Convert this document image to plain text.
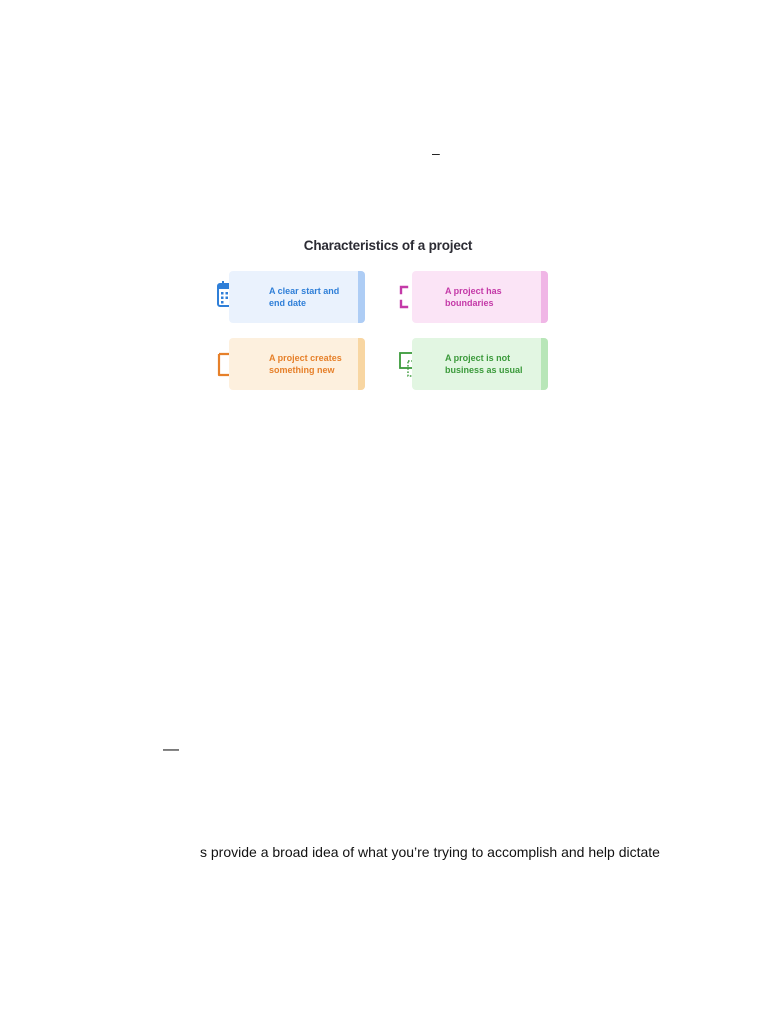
–
Characteristics of a project
A clear start and end date
A project has boundaries
A project creates something new
A project is not business as usual
—
s provide a broad idea of what you’re trying to accomplish and help dictate
